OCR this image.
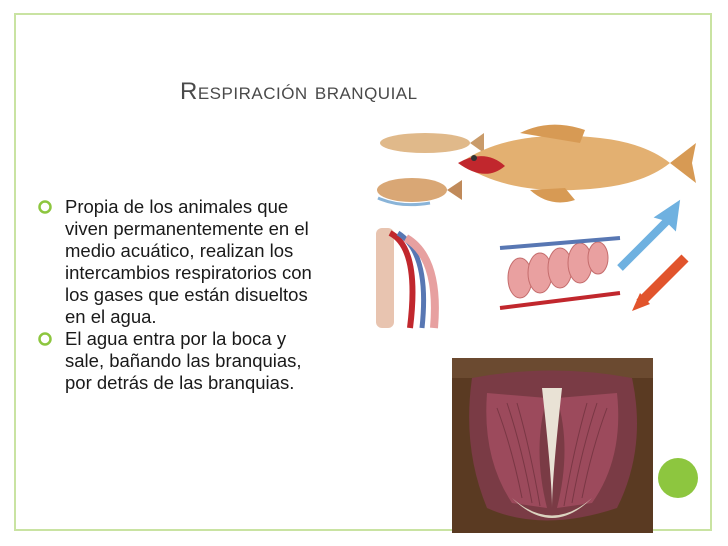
Respiración branquial
Propia de los animales que viven permanentemente en el medio acuático, realizan los intercambios respiratorios con los gases que están disueltos en el agua.
El agua entra por la boca y sale, bañando las branquias, por detrás de las branquias.
